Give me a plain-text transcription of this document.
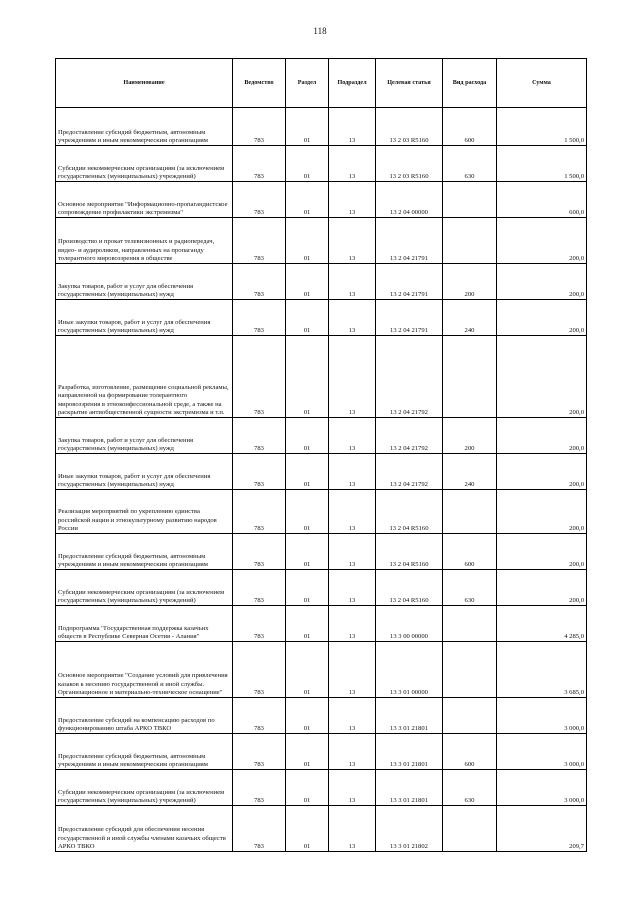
118
Наименование	Ведомство	Раздел	Подраздел	Целевая статья	Вид расхода	Сумма
Предоставление субсидий бюджетным, автономным учреждениям и иным некоммерческим организациям	783	01	13	13 2 03 R5160	600	1 500,0
Субсидии некоммерческим организациям (за исключением государственных (муниципальных) учреждений)	783	01	13	13 2 03 R5160	630	1 500,0
Основное мероприятие "Информационно-пропагандистское сопровождение профилактики экстремизма"	783	01	13	13 2 04 00000		600,0
Производство и прокат телевизионных и радиопередач, видео- и аудироликов, направленных на пропаганду толерантного мировоззрения в обществе	783	01	13	13 2 04 21791		200,0
Закупка товаров, работ и услуг для обеспечения государственных (муниципальных) нужд	783	01	13	13 2 04 21791	200	200,0
Иные закупки товаров, работ и услуг для обеспечения государственных (муниципальных) нужд	783	01	13	13 2 04 21791	240	200,0
Разработка, изготовление, размещение социальной рекламы, направленной на формирование толерантного мировоззрения в этноконфессиональной среде, а также на раскрытие антиобщественной сущности экстремизма и т.п.	783	01	13	13 2 04 21792		200,0
Закупка товаров, работ и услуг для обеспечения государственных (муниципальных) нужд	783	01	13	13 2 04 21792	200	200,0
Иные закупки товаров, работ и услуг для обеспечения государственных (муниципальных) нужд	783	01	13	13 2 04 21792	240	200,0
Реализация мероприятий по укреплению единства российской нации и этнокультурному развитию народов России	783	01	13	13 2 04 R5160		200,0
Предоставление субсидий бюджетным, автономным учреждениям и иным некоммерческим организациям	783	01	13	13 2 04 R5160	600	200,0
Субсидии некоммерческим организациям (за исключением государственных (муниципальных) учреждений)	783	01	13	13 2 04 R5160	630	200,0
Подпрограмма "Государственная поддержка казачьих обществ в Республике Северная Осетия - Алания"	783	01	13	13 3 00 00000		4 285,0
Основное мероприятие "Создание условий для привлечения казаков к несению государственной и иной службы. Организационное и материально-техническое оснащение"	783	01	13	13 3 01 00000		3 685,0
Предоставление субсидий на компенсацию расходов по функционированию штаба АРКО ТВКО	783	01	13	13 3 01 21801		3 000,0
Предоставление субсидий бюджетным, автономным учреждениям и иным некоммерческим организациям	783	01	13	13 3 01 21801	600	3 000,0
Субсидии некоммерческим организациям (за исключением государственных (муниципальных) учреждений)	783	01	13	13 3 01 21801	630	3 000,0
Предоставление субсидий для обеспечения несения государственной и иной службы членами казачьих обществ АРКО ТВКО	783	01	13	13 3 01 21802		209,7
